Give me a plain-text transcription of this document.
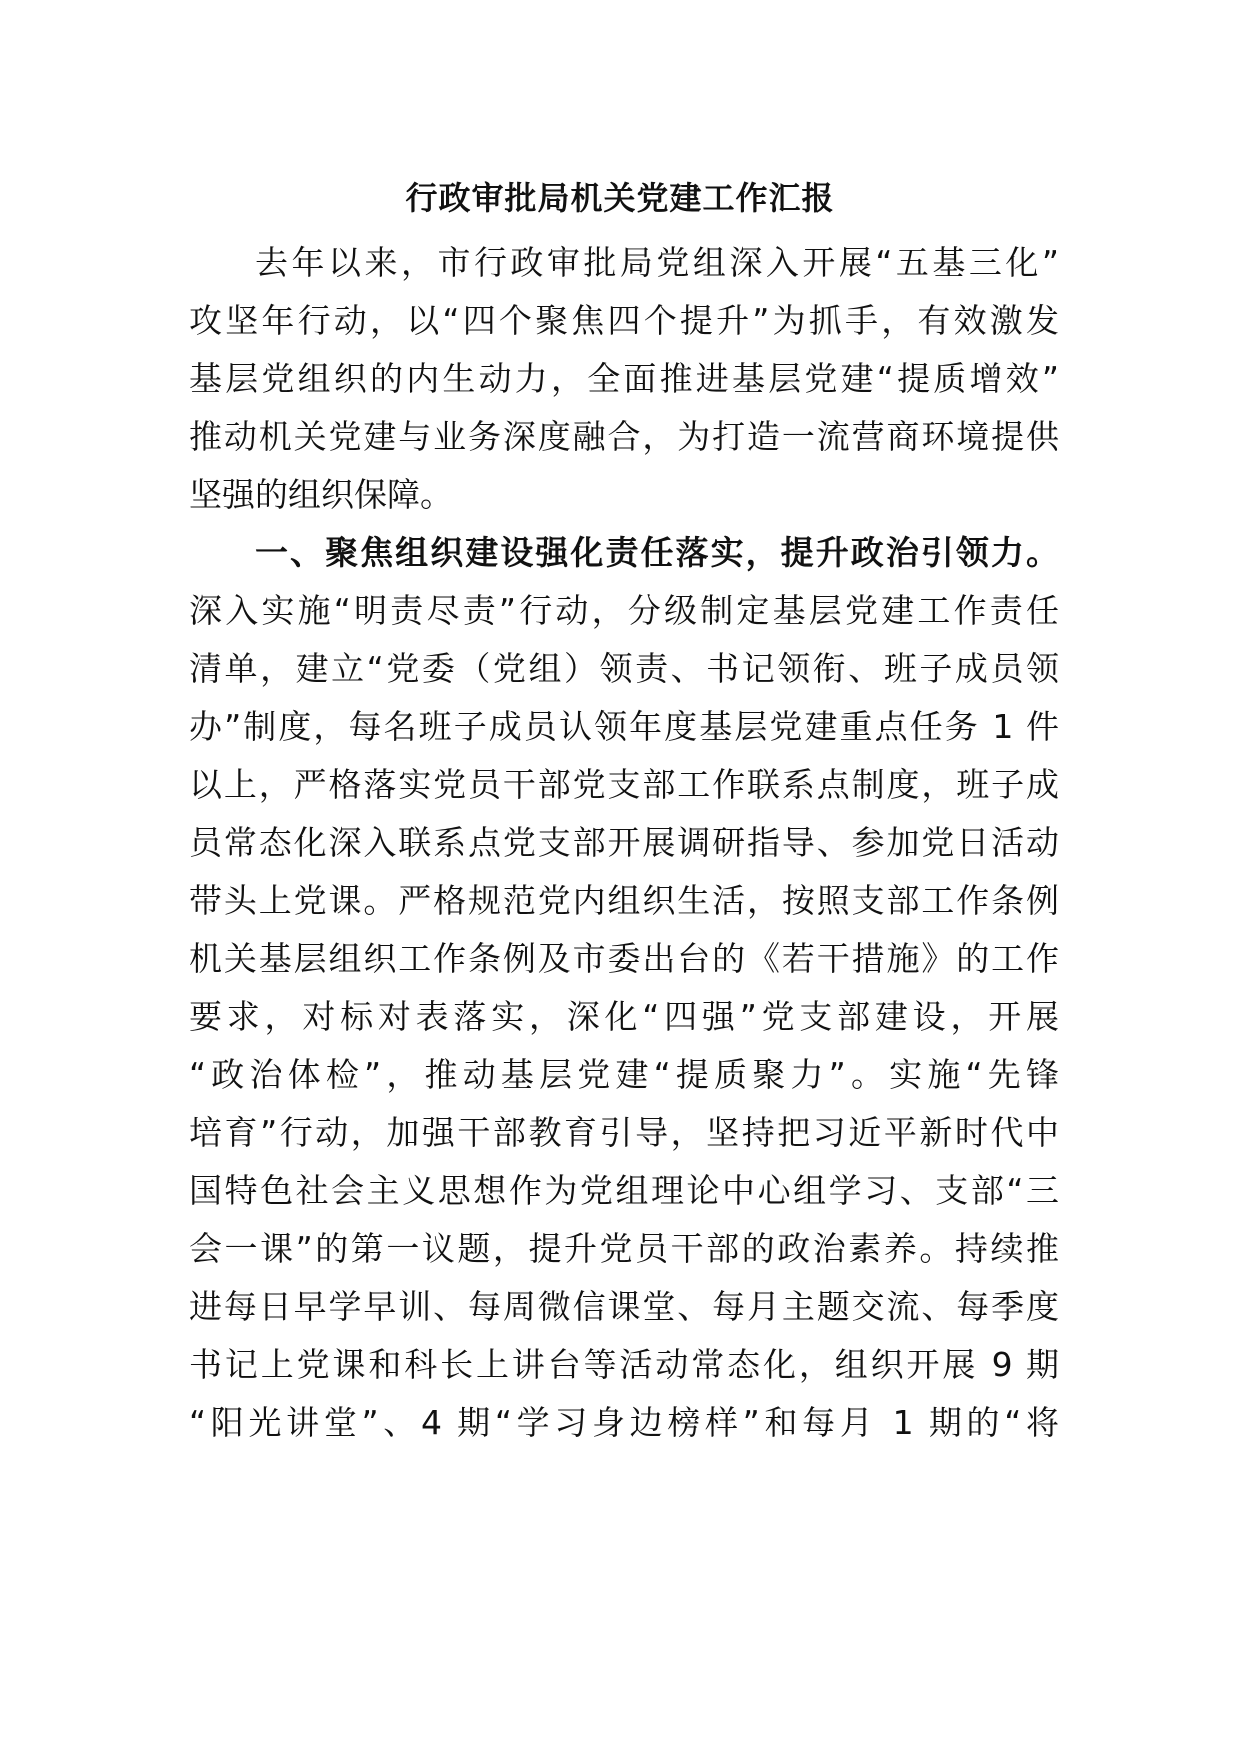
行政审批局机关党建工作汇报
去年以来，市行政审批局党组深入开展“五基三化”
攻坚年行动，以“四个聚焦四个提升”为抓手，有效激发
基层党组织的内生动力，全面推进基层党建“提质增效”
推动机关党建与业务深度融合，为打造一流营商环境提供
坚强的组织保障。
一、聚焦组织建设强化责任落实，提升政治引领力。
深入实施“明责尽责”行动，分级制定基层党建工作责任
清单，建立“党委（党组）领责、书记领衔、班子成员领
办”制度，每名班子成员认领年度基层党建重点任务 1 件
以上，严格落实党员干部党支部工作联系点制度，班子成
员常态化深入联系点党支部开展调研指导、参加党日活动
带头上党课。严格规范党内组织生活，按照支部工作条例
机关基层组织工作条例及市委出台的《若干措施》的工作
要求，对标对表落实，深化“四强”党支部建设，开展
“政治体检”，推动基层党建“提质聚力”。实施“先锋
培育”行动，加强干部教育引导，坚持把习近平新时代中
国特色社会主义思想作为党组理论中心组学习、支部“三
会一课”的第一议题，提升党员干部的政治素养。持续推
进每日早学早训、每周微信课堂、每月主题交流、每季度
书记上党课和科长上讲台等活动常态化，组织开展 9 期
“阳光讲堂”、4 期“学习身边榜样”和每月 1 期的“将
